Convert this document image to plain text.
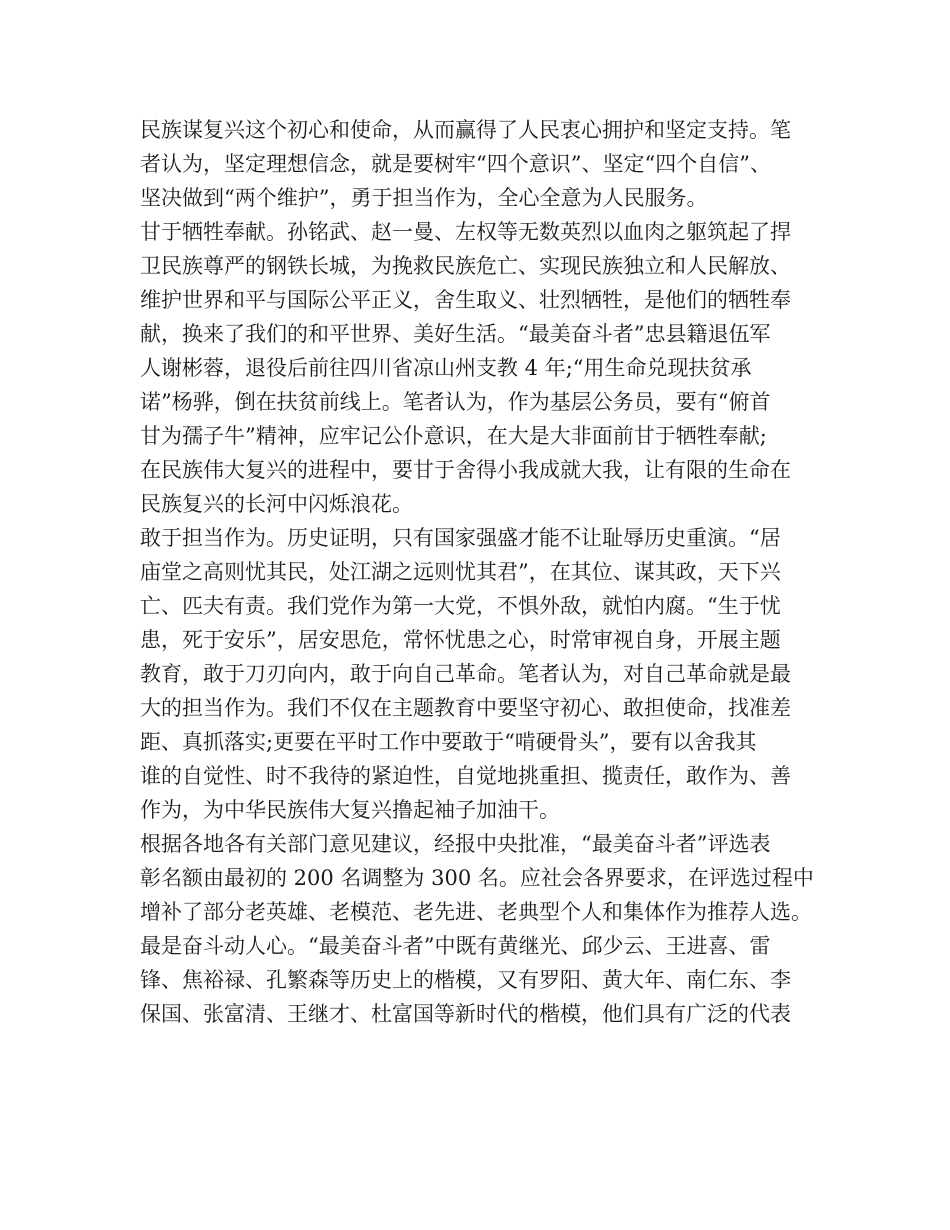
民族谋复兴这个初心和使命，从而赢得了人民衷心拥护和坚定支持。笔
者认为，坚定理想信念，就是要树牢“四个意识”、坚定“四个自信”、
坚决做到“两个维护”，勇于担当作为，全心全意为人民服务。
甘于牺牲奉献。孙铭武、赵一曼、左权等无数英烈以血肉之躯筑起了捍
卫民族尊严的钢铁长城，为挽救民族危亡、实现民族独立和人民解放、
维护世界和平与国际公平正义，舍生取义、壮烈牺牲，是他们的牺牲奉
献，换来了我们的和平世界、美好生活。“最美奋斗者”忠县籍退伍军
人谢彬蓉，退役后前往四川省凉山州支教 4 年;“用生命兑现扶贫承
诺”杨骅，倒在扶贫前线上。笔者认为，作为基层公务员，要有“俯首
甘为孺子牛”精神，应牢记公仆意识，在大是大非面前甘于牺牲奉献;
在民族伟大复兴的进程中，要甘于舍得小我成就大我，让有限的生命在
民族复兴的长河中闪烁浪花。
敢于担当作为。历史证明，只有国家强盛才能不让耻辱历史重演。“居
庙堂之高则忧其民，处江湖之远则忧其君”，在其位、谋其政，天下兴
亡、匹夫有责。我们党作为第一大党，不惧外敌，就怕内腐。“生于忧
患，死于安乐”，居安思危，常怀忧患之心，时常审视自身，开展主题
教育，敢于刀刃向内，敢于向自己革命。笔者认为，对自己革命就是最
大的担当作为。我们不仅在主题教育中要坚守初心、敢担使命，找准差
距、真抓落实;更要在平时工作中要敢于“啃硬骨头”，要有以舍我其
谁的自觉性、时不我待的紧迫性，自觉地挑重担、揽责任，敢作为、善
作为，为中华民族伟大复兴撸起袖子加油干。
根据各地各有关部门意见建议，经报中央批准，“最美奋斗者”评选表
彰名额由最初的 200 名调整为 300 名。应社会各界要求，在评选过程中
增补了部分老英雄、老模范、老先进、老典型个人和集体作为推荐人选。
最是奋斗动人心。“最美奋斗者”中既有黄继光、邱少云、王进喜、雷
锋、焦裕禄、孔繁森等历史上的楷模，又有罗阳、黄大年、南仁东、李
保国、张富清、王继才、杜富国等新时代的楷模，他们具有广泛的代表
